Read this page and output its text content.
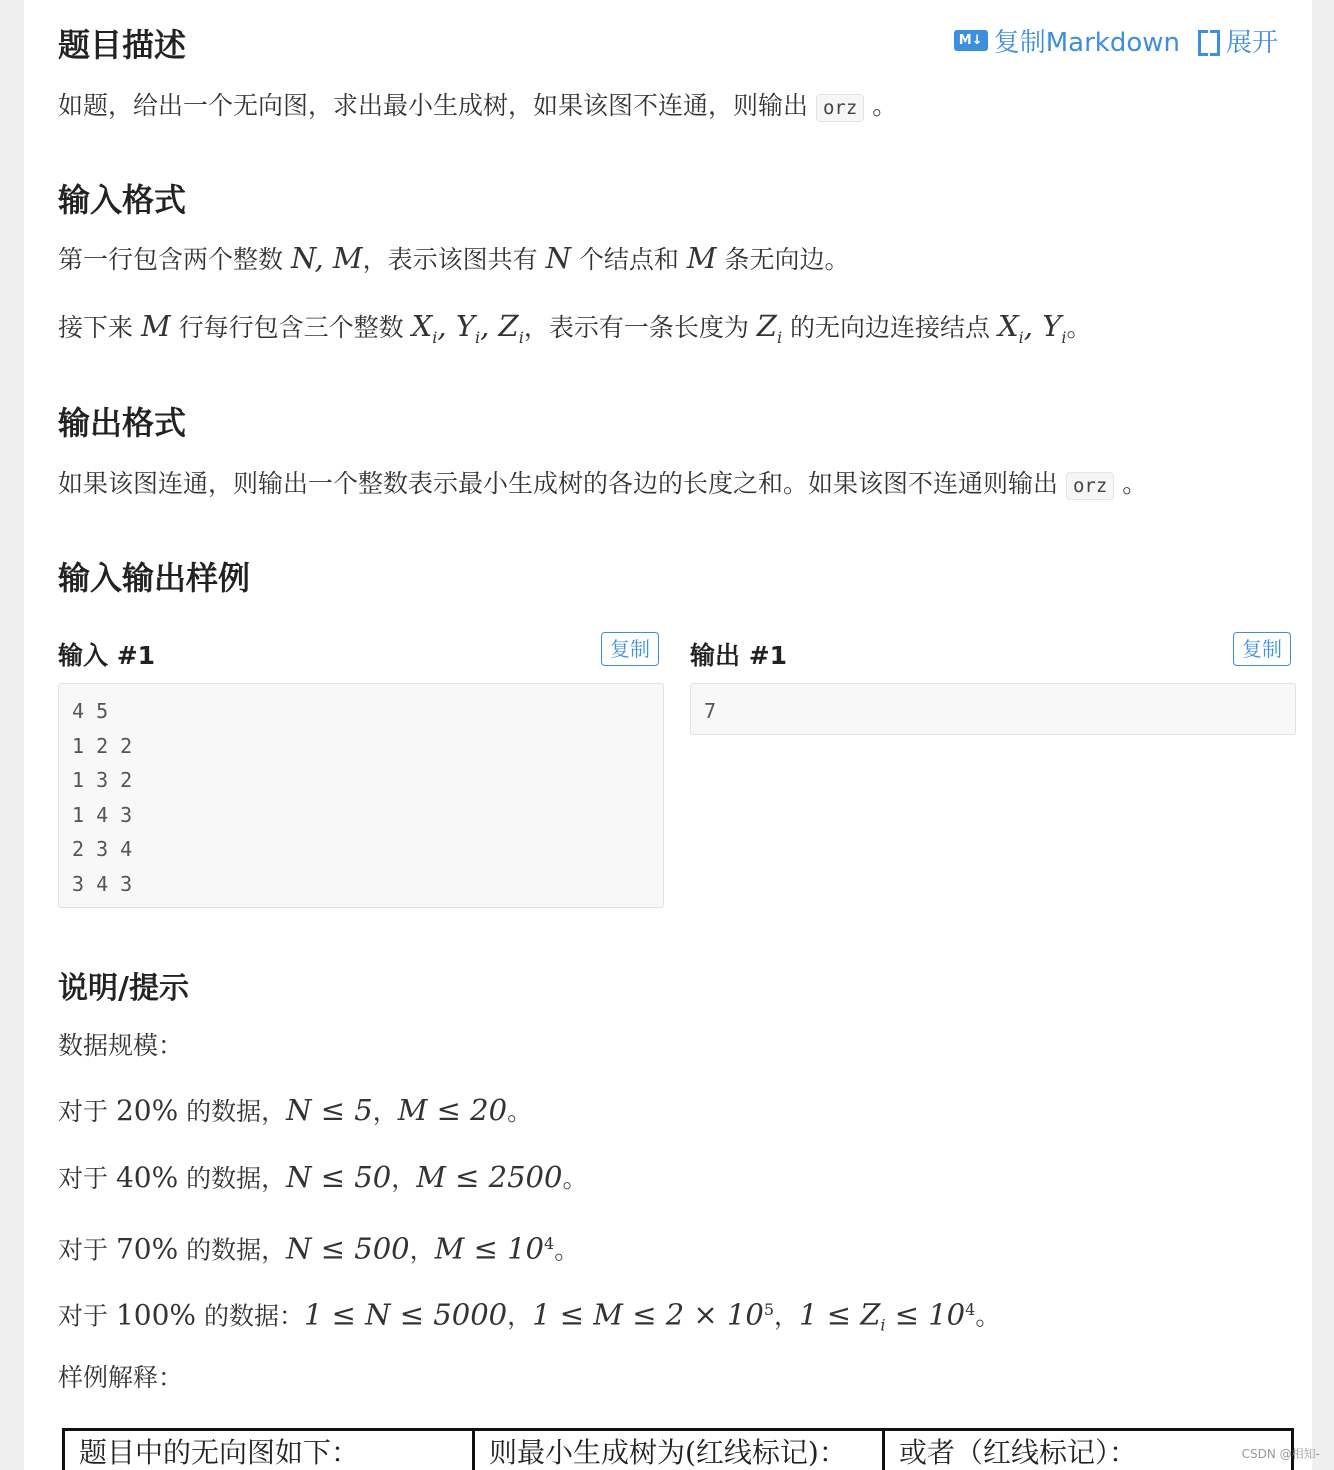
题目描述	M↓ 复制Markdown 展开

如题，给出一个无向图，求出最小生成树，如果该图不连通，则输出 orz 。

输入格式

第一行包含两个整数 N, M，表示该图共有 N 个结点和 M 条无向边。

接下来 M 行每行包含三个整数 $X_i$, $Y_i$, $Z_i$，表示有一条长度为 $Z_i$ 的无向边连接结点 $X_i$, $Y_i$。

输出格式

如果该图连通，则输出一个整数表示最小生成树的各边的长度之和。如果该图不连通则输出 orz 。

输入输出样例
输入 #1	复制
4 5
1 2 2
1 3 2
1 4 3
2 3 4
3 4 3
输出 #1	复制
7
说明/提示

数据规模：

对于 20% 的数据，N ≤ 5，M ≤ 20。

对于 40% 的数据，N ≤ 50，M ≤ 2500。

对于 70% 的数据，N ≤ 500，$M \le 10^4$。

对于 100% 的数据：1 ≤ N ≤ 5000，$1 \le M \le 2 \times 10^5$，$1 \le Z_i \le 10^4$。

样例解释：

题目中的无向图如下：	则最小生成树为(红线标记)：	或者（红线标记）：	CSDN @相知-
